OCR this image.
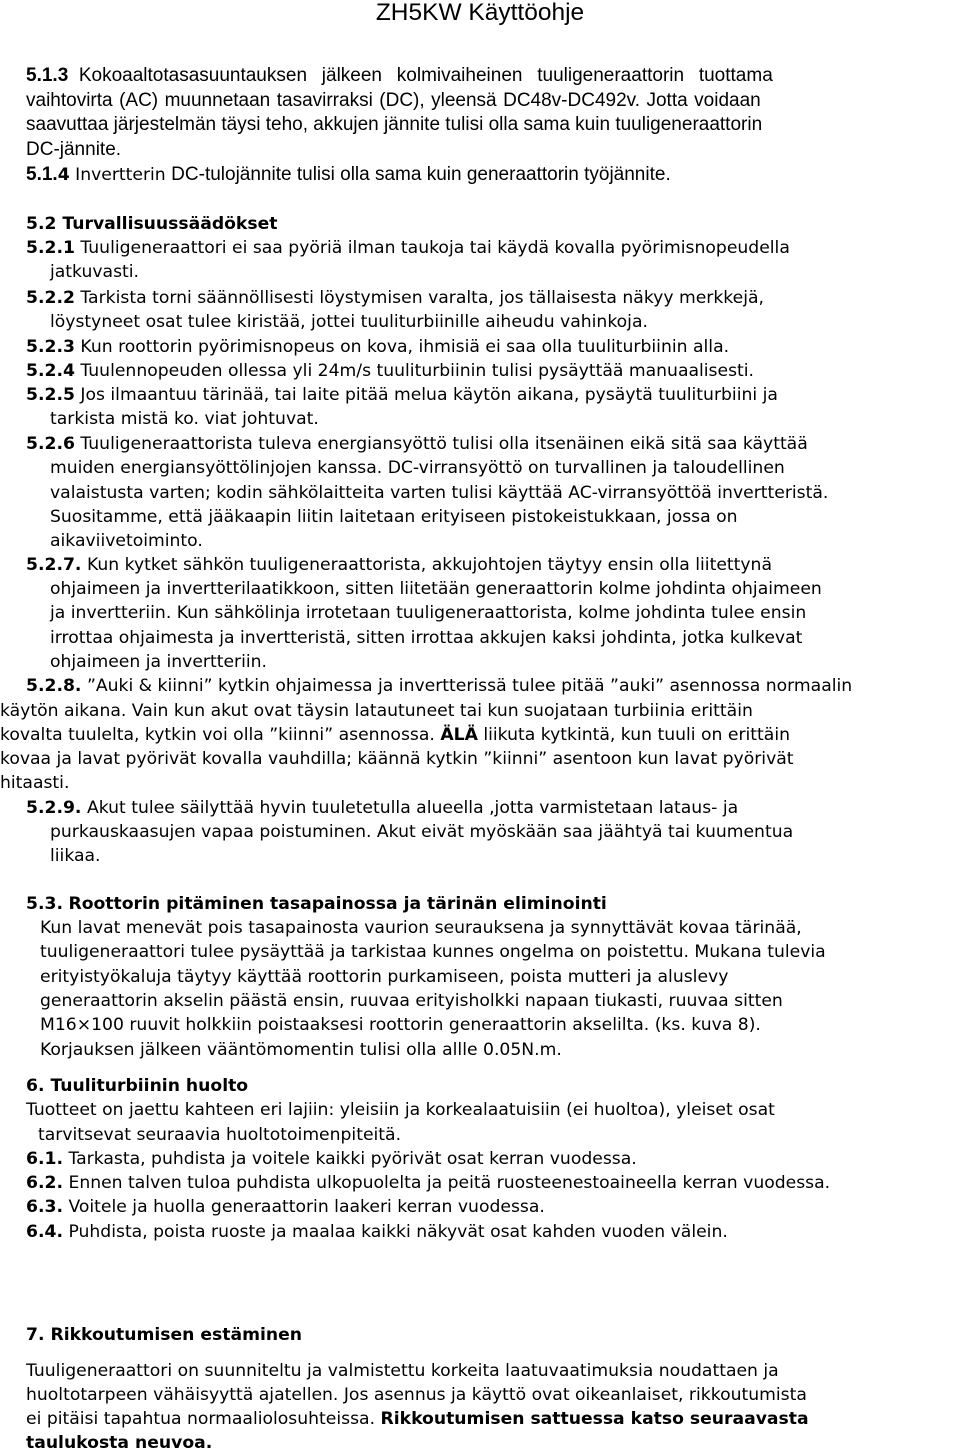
ZH5KW Käyttöohje
5.1.3 Kokoaaltotasasuuntauksen jälkeen kolmivaiheinen tuuligeneraattorin tuottama
vaihtovirta (AC) muunnetaan tasavirraksi (DC), yleensä DC48v-DC492v. Jotta voidaan
saavuttaa järjestelmän täysi teho, akkujen jännite tulisi olla sama kuin tuuligeneraattorin
DC-jännite.
5.1.4 Invertterin DC-tulojännite tulisi olla sama kuin generaattorin työjännite.
5.2 Turvallisuussäädökset
5.2.1 Tuuligeneraattori ei saa pyöriä ilman taukoja tai käydä kovalla pyörimisnopeudella
jatkuvasti.
5.2.2 Tarkista torni säännöllisesti löystymisen varalta, jos tällaisesta näkyy merkkejä,
löystyneet osat tulee kiristää, jottei tuuliturbiinille aiheudu vahinkoja.
5.2.3 Kun roottorin pyörimisnopeus on kova, ihmisiä ei saa olla tuuliturbiinin alla.
5.2.4 Tuulennopeuden ollessa yli 24m/s tuuliturbiinin tulisi pysäyttää manuaalisesti.
5.2.5 Jos ilmaantuu tärinää, tai laite pitää melua käytön aikana, pysäytä tuuliturbiini ja
tarkista mistä ko. viat johtuvat.
5.2.6 Tuuligeneraattorista tuleva energiansyöttö tulisi olla itsenäinen eikä sitä saa käyttää
muiden energiansyöttölinjojen kanssa. DC-virransyöttö on turvallinen ja taloudellinen
valaistusta varten; kodin sähkölaitteita varten tulisi käyttää AC-virransyöttöä invertteristä.
Suositamme, että jääkaapin liitin laitetaan erityiseen pistokeistukkaan, jossa on
aikaviivetoiminto.
5.2.7. Kun kytket sähkön tuuligeneraattorista, akkujohtojen täytyy ensin olla liitettynä
ohjaimeen ja invertterilaatikkoon, sitten liitetään generaattorin kolme johdinta ohjaimeen
ja invertteriin. Kun sähkölinja irrotetaan tuuligeneraattorista, kolme johdinta tulee ensin
irrottaa ohjaimesta ja invertteristä, sitten irrottaa akkujen kaksi johdinta, jotka kulkevat
ohjaimeen ja invertteriin.
5.2.8. ”Auki & kiinni” kytkin ohjaimessa ja invertterissä tulee pitää ”auki” asennossa normaalin
käytön aikana. Vain kun akut ovat täysin latautuneet tai kun suojataan turbiinia erittäin
kovalta tuulelta, kytkin voi olla ”kiinni” asennossa. ÄLÄ liikuta kytkintä, kun tuuli on erittäin
kovaa ja lavat pyörivät kovalla vauhdilla; käännä kytkin ”kiinni” asentoon kun lavat pyörivät
hitaasti.
5.2.9. Akut tulee säilyttää hyvin tuuletetulla alueella ,jotta varmistetaan lataus- ja
purkauskaasujen vapaa poistuminen. Akut eivät myöskään saa jäähtyä tai kuumentua
liikaa.
5.3. Roottorin pitäminen tasapainossa ja tärinän eliminointi
Kun lavat menevät pois tasapainosta vaurion seurauksena ja synnyttävät kovaa tärinää,
tuuligeneraattori tulee pysäyttää ja tarkistaa kunnes ongelma on poistettu. Mukana tulevia
erityistyökaluja täytyy käyttää roottorin purkamiseen, poista mutteri ja aluslevy
generaattorin akselin päästä ensin, ruuvaa erityisholkki napaan tiukasti, ruuvaa sitten
M16×100 ruuvit holkkiin poistaaksesi roottorin generaattorin akselilta. (ks. kuva 8).
Korjauksen jälkeen vääntömomentin tulisi olla allle 0.05N.m.
6. Tuuliturbiinin huolto
Tuotteet on jaettu kahteen eri lajiin: yleisiin ja korkealaatuisiin (ei huoltoa), yleiset osat
tarvitsevat seuraavia huoltotoimenpiteitä.
6.1. Tarkasta, puhdista ja voitele kaikki pyörivät osat kerran vuodessa.
6.2. Ennen talven tuloa puhdista ulkopuolelta ja peitä ruosteenestoaineella kerran vuodessa.
6.3. Voitele ja huolla generaattorin laakeri kerran vuodessa.
6.4. Puhdista, poista ruoste ja maalaa kaikki näkyvät osat kahden vuoden välein.
7. Rikkoutumisen estäminen
Tuuligeneraattori on suunniteltu ja valmistettu korkeita laatuvaatimuksia noudattaen ja
huoltotarpeen vähäisyyttä ajatellen. Jos asennus ja käyttö ovat oikeanlaiset, rikkoutumista
ei pitäisi tapahtua normaaliolosuhteissa. Rikkoutumisen sattuessa katso seuraavasta
taulukosta neuvoa.
